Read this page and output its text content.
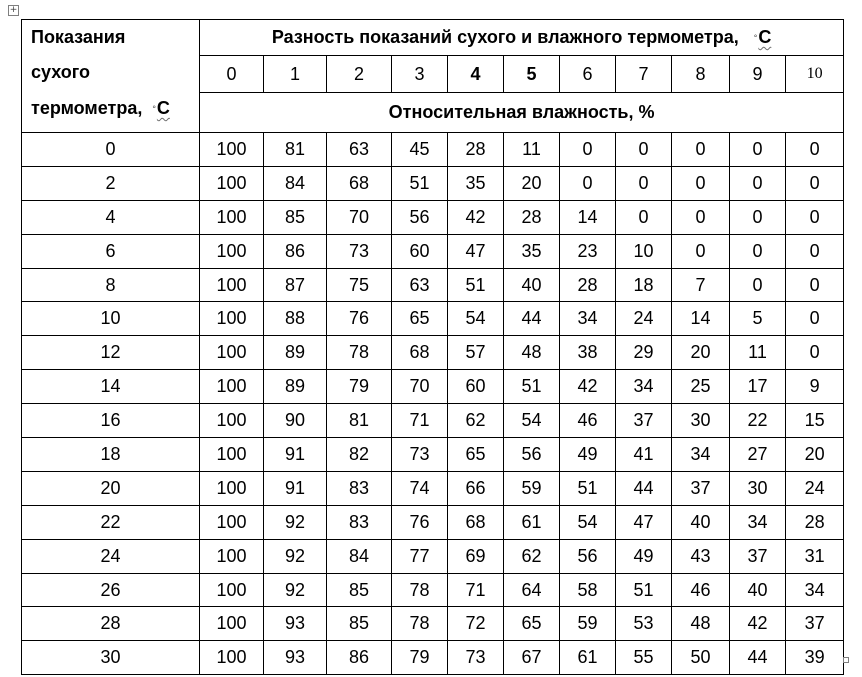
+
Показания
сухого
термометра, ◦С	Разность показаний сухого и влажного термометра, ◦С										
	0	1	2	3	4	5	6	7	8	9	10
	Относительная влажность, %										
0	100	81	63	45	28	11	0	0	0	0	0
2	100	84	68	51	35	20	0	0	0	0	0
4	100	85	70	56	42	28	14	0	0	0	0
6	100	86	73	60	47	35	23	10	0	0	0
8	100	87	75	63	51	40	28	18	7	0	0
10	100	88	76	65	54	44	34	24	14	5	0
12	100	89	78	68	57	48	38	29	20	11	0
14	100	89	79	70	60	51	42	34	25	17	9
16	100	90	81	71	62	54	46	37	30	22	15
18	100	91	82	73	65	56	49	41	34	27	20
20	100	91	83	74	66	59	51	44	37	30	24
22	100	92	83	76	68	61	54	47	40	34	28
24	100	92	84	77	69	62	56	49	43	37	31
26	100	92	85	78	71	64	58	51	46	40	34
28	100	93	85	78	72	65	59	53	48	42	37
30	100	93	86	79	73	67	61	55	50	44	39
